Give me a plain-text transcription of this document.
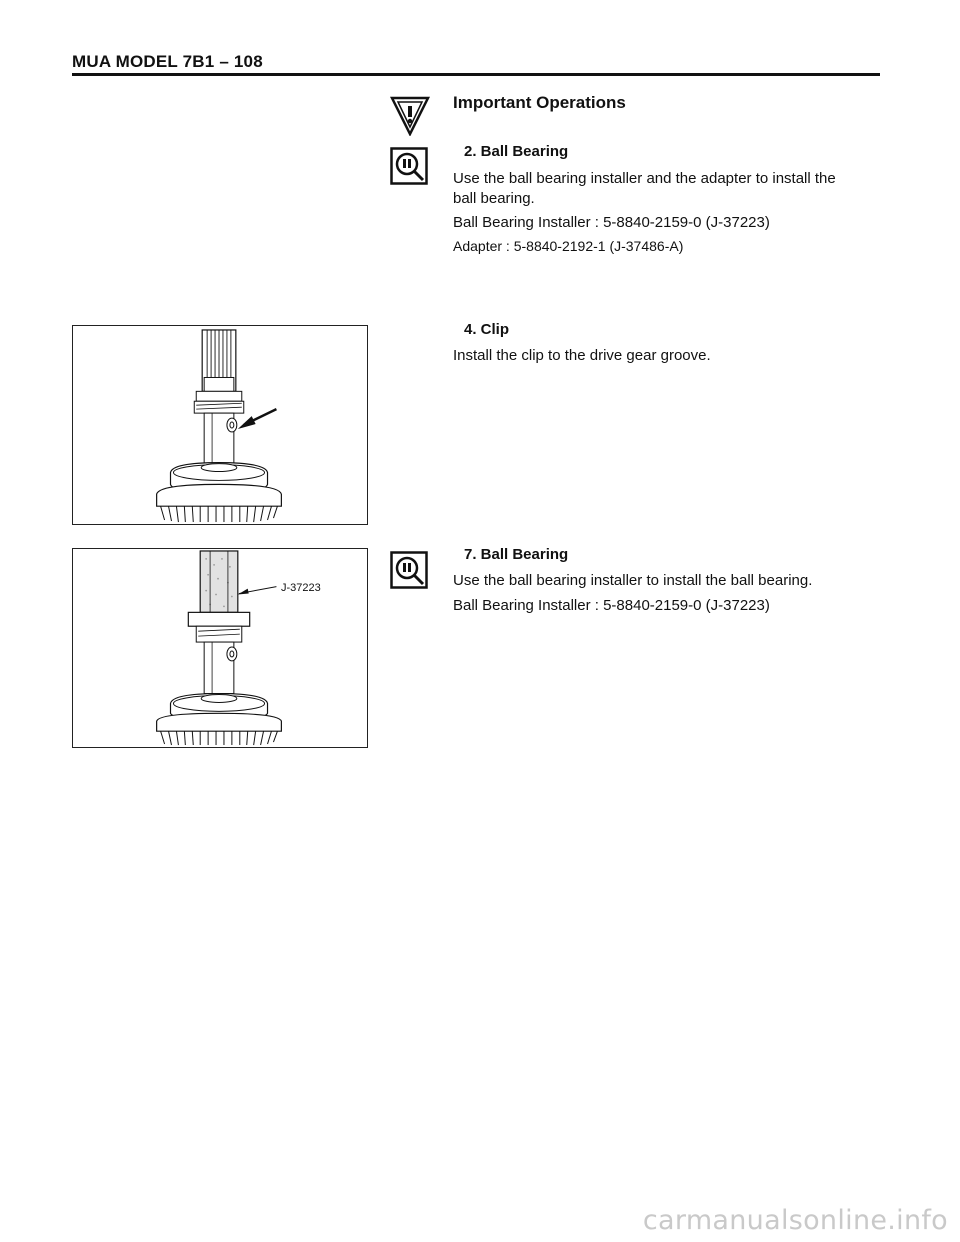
MUA MODEL 7B1 – 108
Important Operations
2. Ball Bearing
Use the ball bearing installer and the adapter to install the
ball bearing.
Ball Bearing Installer : 5-8840-2159-0 (J-37223)
Adapter : 5-8840-2192-1 (J-37486-A)
4. Clip
Install the clip to the drive gear groove.
7. Ball Bearing
Use the ball bearing installer to install the ball bearing.
Ball Bearing Installer : 5-8840-2159-0 (J-37223)
J-37223
carmanualsonline.info
